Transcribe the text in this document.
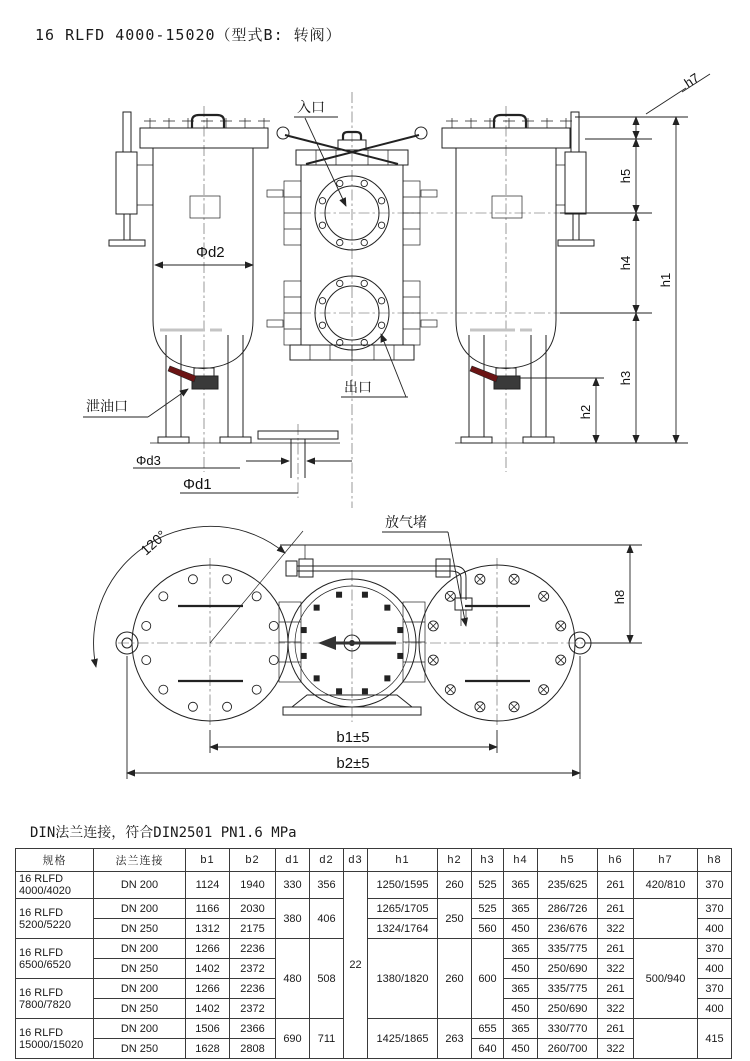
16 RLFD 4000-15020（型式B: 转阀）
入口
出口
泄油口
Φd2
Φd3
Φd1
h5
h4
h3
h1
h2
h7
放气堵
120°
h8
b1±5
b2±5
DIN法兰连接，符合DIN2501 PN1.6 MPa
规格	法兰连接	b1	b2	d1	d2	d3	h1	h2	h3	h4	h5	h6	h7	h8
16 RLFD 4000/4020	DN 200	1124	1940	330	356	22	1250/1595	260	525	365	235/625	261	420/810	370
16 RLFD 5200/5220	DN 200	1166	2030	380	406		1265/1705	250	525	365	286/726	261		370
	DN 250	1312	2175				1324/1764		560	450	236/676	322		400
16 RLFD 6500/6520	DN 200	1266	2236	480	508		1380/1820	260	600	365	335/775	261	500/940	370
	DN 250	1402	2372							450	250/690	322		400
16 RLFD 7800/7820	DN 200	1266	2236							365	335/775	261		370
	DN 250	1402	2372							450	250/690	322		400
16 RLFD 15000/15020	DN 200	1506	2366	690	711		1425/1865	263	655	365	330/770	261		415
	DN 250	1628	2808						640	450	260/700	322		
